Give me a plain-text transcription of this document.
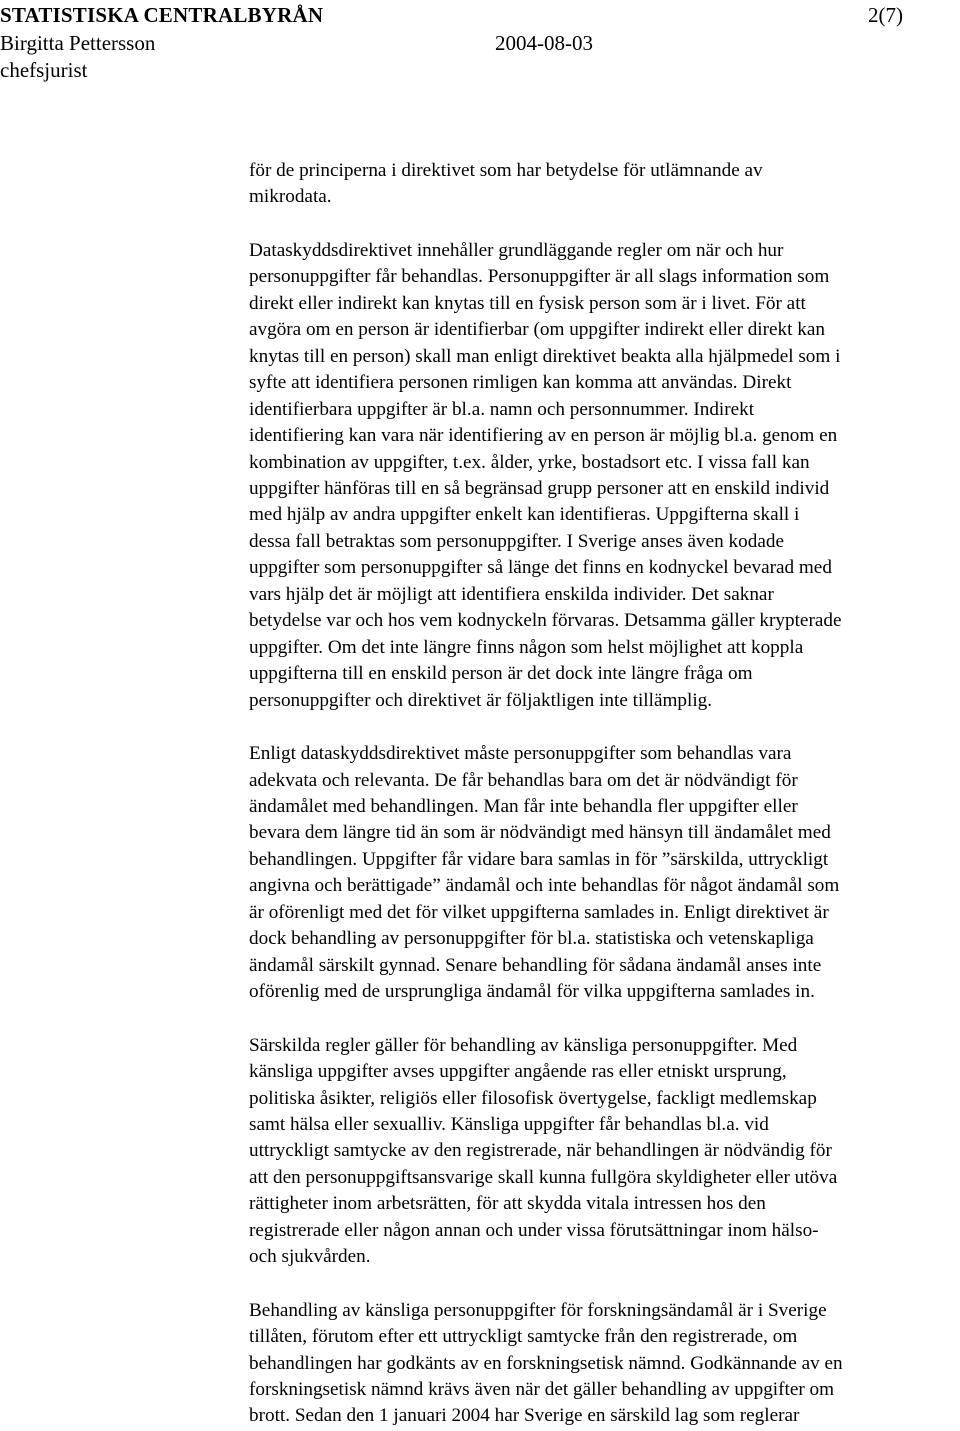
STATISTISKA CENTRALBYRÅN	2(7)
Birgitta Pettersson	2004-08-03
chefsjurist

för de principerna i direktivet som har betydelse för utlämnande av
mikrodata.

Dataskyddsdirektivet innehåller grundläggande regler om när och hur
personuppgifter får behandlas. Personuppgifter är all slags information som
direkt eller indirekt kan knytas till en fysisk person som är i livet. För att
avgöra om en person är identifierbar (om uppgifter indirekt eller direkt kan
knytas till en person) skall man enligt direktivet beakta alla hjälpmedel som i
syfte att identifiera personen rimligen kan komma att användas. Direkt
identifierbara uppgifter är bl.a. namn och personnummer. Indirekt
identifiering kan vara när identifiering av en person är möjlig bl.a. genom en
kombination av uppgifter, t.ex. ålder, yrke, bostadsort etc. I vissa fall kan
uppgifter hänföras till en så begränsad grupp personer att en enskild individ
med hjälp av andra uppgifter enkelt kan identifieras. Uppgifterna skall i
dessa fall betraktas som personuppgifter. I Sverige anses även kodade
uppgifter som personuppgifter så länge det finns en kodnyckel bevarad med
vars hjälp det är möjligt att identifiera enskilda individer. Det saknar
betydelse var och hos vem kodnyckeln förvaras. Detsamma gäller krypterade
uppgifter. Om det inte längre finns någon som helst möjlighet att koppla
uppgifterna till en enskild person är det dock inte längre fråga om
personuppgifter och direktivet är följaktligen inte tillämplig.

Enligt dataskyddsdirektivet måste personuppgifter som behandlas vara
adekvata och relevanta. De får behandlas bara om det är nödvändigt för
ändamålet med behandlingen. Man får inte behandla fler uppgifter eller
bevara dem längre tid än som är nödvändigt med hänsyn till ändamålet med
behandlingen. Uppgifter får vidare bara samlas in för ”särskilda, uttryckligt
angivna och berättigade” ändamål och inte behandlas för något ändamål som
är oförenligt med det för vilket uppgifterna samlades in. Enligt direktivet är
dock behandling av personuppgifter för bl.a. statistiska och vetenskapliga
ändamål särskilt gynnad. Senare behandling för sådana ändamål anses inte
oförenlig med de ursprungliga ändamål för vilka uppgifterna samlades in.

Särskilda regler gäller för behandling av känsliga personuppgifter. Med
känsliga uppgifter avses uppgifter angående ras eller etniskt ursprung,
politiska åsikter, religiös eller filosofisk övertygelse, fackligt medlemskap
samt hälsa eller sexualliv. Känsliga uppgifter får behandlas bl.a. vid
uttryckligt samtycke av den registrerade, när behandlingen är nödvändig för
att den personuppgiftsansvarige skall kunna fullgöra skyldigheter eller utöva
rättigheter inom arbetsrätten, för att skydda vitala intressen hos den
registrerade eller någon annan och under vissa förutsättningar inom hälso-
och sjukvården.

Behandling av känsliga personuppgifter för forskningsändamål är i Sverige
tillåten, förutom efter ett uttryckligt samtycke från den registrerade, om
behandlingen har godkänts av en forskningsetisk nämnd. Godkännande av en
forskningsetisk nämnd krävs även när det gäller behandling av uppgifter om
brott. Sedan den 1 januari 2004 har Sverige en särskild lag som reglerar
